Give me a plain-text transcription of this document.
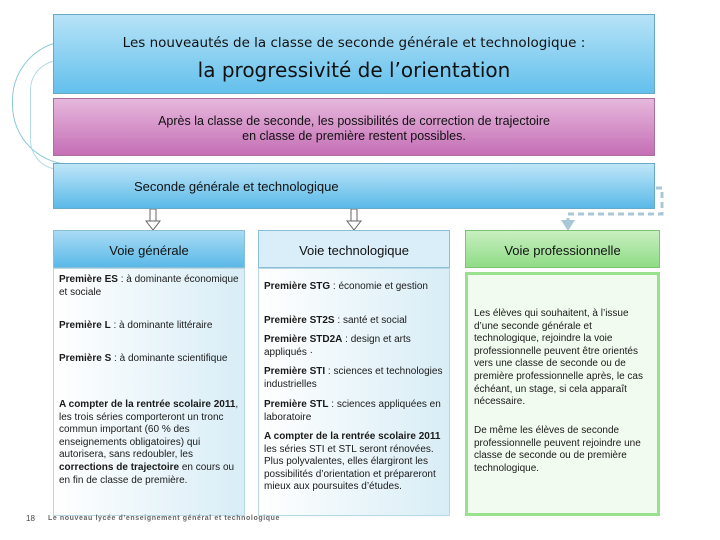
Les nouveautés de la classe de seconde générale et technologique :
la progressivité de l’orientation
Après la classe de seconde, les possibilités de correction de trajectoire
en classe de première restent possibles.
Seconde générale et technologique
Voie générale
Première ES : à dominante économique et sociale
Première L : à dominante littéraire
Première S : à dominante scientifique
A compter de la rentrée scolaire 2011, les trois séries comporteront un tronc commun important (60 % des enseignements obligatoires) qui autorisera, sans redoubler, les corrections de trajectoire en cours ou en fin de classe de première.
Voie technologique
Première STG : économie et gestion
Première ST2S : santé et social
Première STD2A : design et arts appliqués ·
Première STI : sciences et technologies industrielles
Première STL : sciences appliquées en laboratoire
A compter de la rentrée scolaire 2011 les séries STI et STL seront rénovées. Plus polyvalentes, elles élargiront les possibilités d’orientation et prépareront mieux aux poursuites d’études.
Voie professionnelle
Les élèves qui souhaitent, à l’issue d’une seconde générale et technologique, rejoindre la voie professionnelle peuvent être orientés vers une classe de seconde ou de première professionnelle après, le cas échéant, un stage, si cela apparaît nécessaire.
De même les élèves de seconde professionnelle peuvent rejoindre une classe de seconde ou de première technologique.
18 Le nouveau lycée d’enseignement général et technologique
